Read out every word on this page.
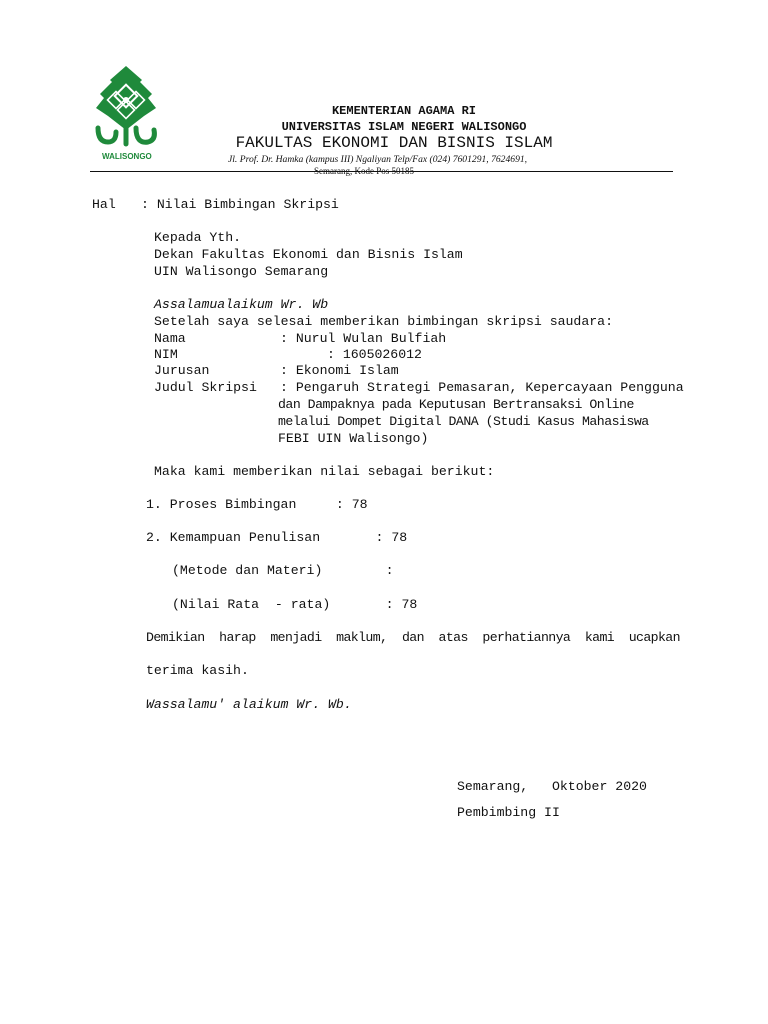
WALISONGO
KEMENTERIAN AGAMA RI
UNIVERSITAS ISLAM NEGERI WALISONGO
FAKULTAS EKONOMI DAN BISNIS ISLAM
Jl. Prof. Dr. Hamka (kampus III) Ngaliyan Telp/Fax (024) 7601291, 7624691,
Semarang, Kode Pos 50185
Hal : Nilai Bimbingan Skripsi
Kepada Yth.
Dekan Fakultas Ekonomi dan Bisnis Islam
UIN Walisongo Semarang
Assalamualaikum Wr. Wb
Setelah saya selesai memberikan bimbingan skripsi saudara:
Nama	: Nurul Wulan Bulfiah
NIM	: 1605026012
Jurusan	: Ekonomi Islam
Judul Skripsi : Pengaruh Strategi Pemasaran, Kepercayaan Pengguna
dan Dampaknya pada Keputusan Bertransaksi Online
melalui Dompet Digital DANA (Studi Kasus Mahasiswa
FEBI UIN Walisongo)
Maka kami memberikan nilai sebagai berikut:
1. Proses Bimbingan     : 78
2. Kemampuan Penulisan       : 78
(Metode dan Materi)        :
(Nilai Rata  - rata)       : 78
Demikian  harap  menjadi  maklum,  dan  atas  perhatiannya  kami  ucapkan
terima kasih.
Wassalamu' alaikum Wr. Wb.
Semarang,   Oktober 2020
Pembimbing II
